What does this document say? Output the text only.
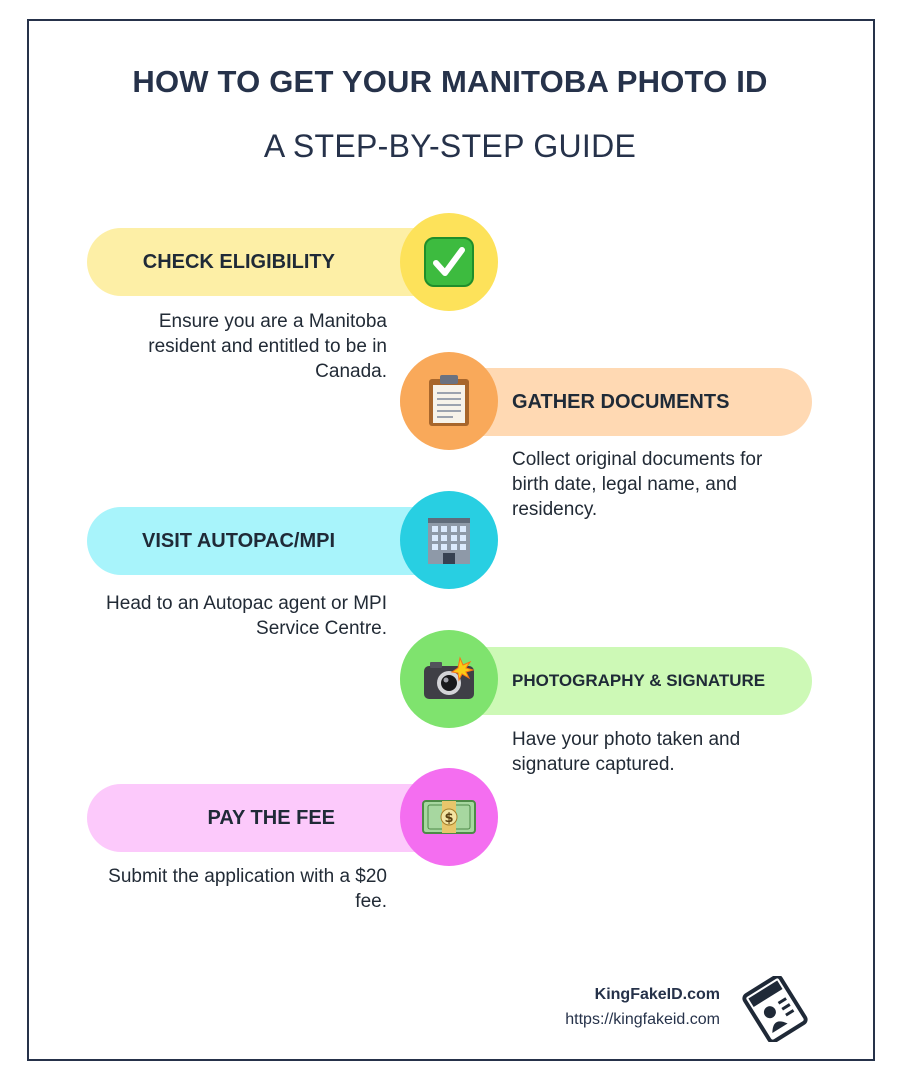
HOW TO GET YOUR MANITOBA PHOTO ID
A STEP-BY-STEP GUIDE
CHECK ELIGIBILITY
Ensure you are a Manitoba resident and entitled to be in Canada.
GATHER DOCUMENTS
Collect original documents for birth date, legal name, and residency.
VISIT AUTOPAC/MPI
Head to an Autopac agent or MPI Service Centre.
PHOTOGRAPHY & SIGNATURE
Have your photo taken and signature captured.
PAY THE FEE	$
Submit the application with a $20 fee.
KingFakeID.com
https://kingfakeid.com
